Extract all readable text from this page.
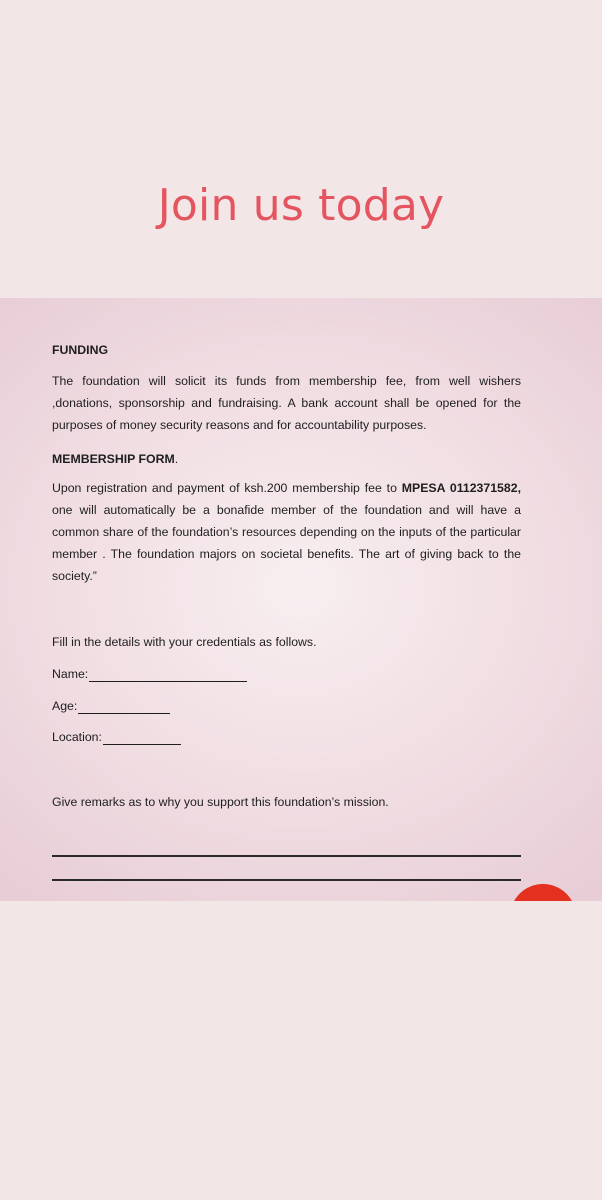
Join us today
FUNDING
The foundation will solicit its funds from membership fee, from well wishers ,donations, sponsorship and fundraising. A bank account shall be opened for the purposes of money security reasons and for accountability purposes.
MEMBERSHIP FORM.
Upon registration and payment of ksh.200 membership fee to MPESA 0112371582, one will automatically be a bonafide member of the foundation and will have a common share of the foundation’s resources depending on the inputs of the particular member . The foundation majors on societal benefits. The art of giving back to the society.”
Fill in the details with your credentials as follows.
Name:
Age:
Location:
Give remarks as to why you support this foundation’s mission.
